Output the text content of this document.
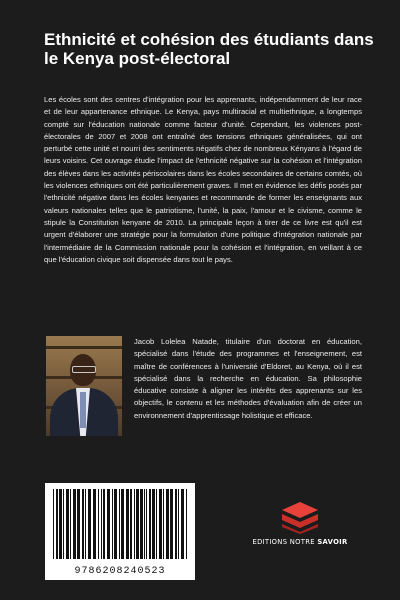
Ethnicité et cohésion des étudiants dans le Kenya post-électoral

Les écoles sont des centres d'intégration pour les apprenants, indépendamment de leur race et de leur appartenance ethnique. Le Kenya, pays multiracial et multiethnique, a longtemps compté sur l'éducation nationale comme facteur d'unité. Cependant, les violences post-électorales de 2007 et 2008 ont entraîné des tensions ethniques généralisées, qui ont perturbé cette unité et nourri des sentiments négatifs chez de nombreux Kényans à l'égard de leurs voisins. Cet ouvrage étudie l'impact de l'ethnicité négative sur la cohésion et l'intégration des élèves dans les activités périscolaires dans les écoles secondaires de certains comtés, où les violences ethniques ont été particulièrement graves. Il met en évidence les défis posés par l'ethnicité négative dans les écoles kenyanes et recommande de former les enseignants aux valeurs nationales telles que le patriotisme, l'unité, la paix, l'amour et le civisme, comme le stipule la Constitution kenyane de 2010. La principale leçon à tirer de ce livre est qu'il est urgent d'élaborer une stratégie pour la formulation d'une politique d'intégration nationale par l'intermédiaire de la Commission nationale pour la cohésion et l'intégration, en veillant à ce que l'éducation civique soit dispensée dans tout le pays.

Jacob Lolelea Natade, titulaire d'un doctorat en éducation, spécialisé dans l'étude des programmes et l'enseignement, est maître de conférences à l'université d'Eldoret, au Kenya, où il est spécialisé dans la recherche en éducation. Sa philosophie éducative consiste à aligner les intérêts des apprenants sur les objectifs, le contenu et les méthodes d'évaluation afin de créer un environnement d'apprentissage holistique et efficace.

9786208240523
EDITIONS NOTRE SAVOIR
